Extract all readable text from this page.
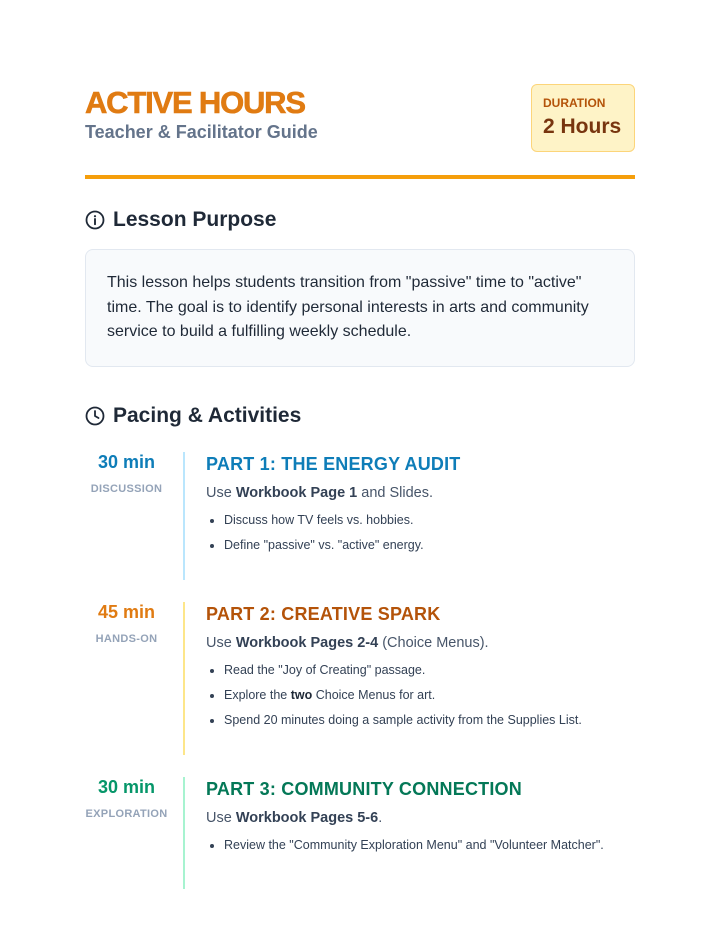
ACTIVE HOURS
Teacher & Facilitator Guide
DURATION
2 Hours
Lesson Purpose
This lesson helps students transition from "passive" time to "active" time. The goal is to identify personal interests in arts and community service to build a fulfilling weekly schedule.
Pacing & Activities
30 min
DISCUSSION
PART 1: THE ENERGY AUDIT
Use Workbook Page 1 and Slides.
• Discuss how TV feels vs. hobbies.
• Define "passive" vs. "active" energy.
45 min
HANDS-ON
PART 2: CREATIVE SPARK
Use Workbook Pages 2-4 (Choice Menus).
• Read the "Joy of Creating" passage.
• Explore the two Choice Menus for art.
• Spend 20 minutes doing a sample activity from the Supplies List.
30 min
EXPLORATION
PART 3: COMMUNITY CONNECTION
Use Workbook Pages 5-6.
• Review the "Community Exploration Menu" and "Volunteer Matcher".
